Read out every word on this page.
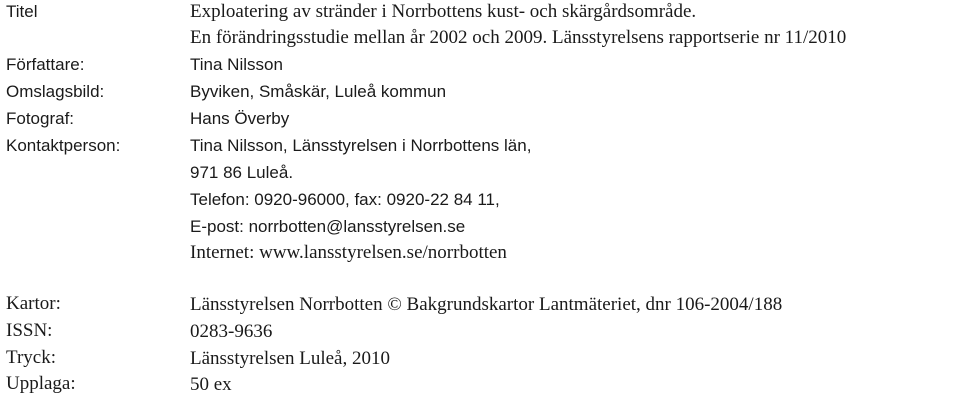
Titel	Exploatering av stränder i Norrbottens kust- och skärgårdsområde.
En förändringsstudie mellan år 2002 och 2009. Länsstyrelsens rapportserie nr 11/2010
Författare:	Tina Nilsson
Omslagsbild:	Byviken, Småskär, Luleå kommun
Fotograf:	Hans Överby
Kontaktperson:	Tina Nilsson, Länsstyrelsen i Norrbottens län,
971 86 Luleå.
Telefon: 0920-96000, fax: 0920-22 84 11,
E-post: norrbotten@lansstyrelsen.se
Internet: www.lansstyrelsen.se/norrbotten
Kartor:	Länsstyrelsen Norrbotten © Bakgrundskartor Lantmäteriet, dnr 106-2004/188
ISSN:	0283-9636
Tryck:	Länsstyrelsen Luleå, 2010
Upplaga:	50 ex
